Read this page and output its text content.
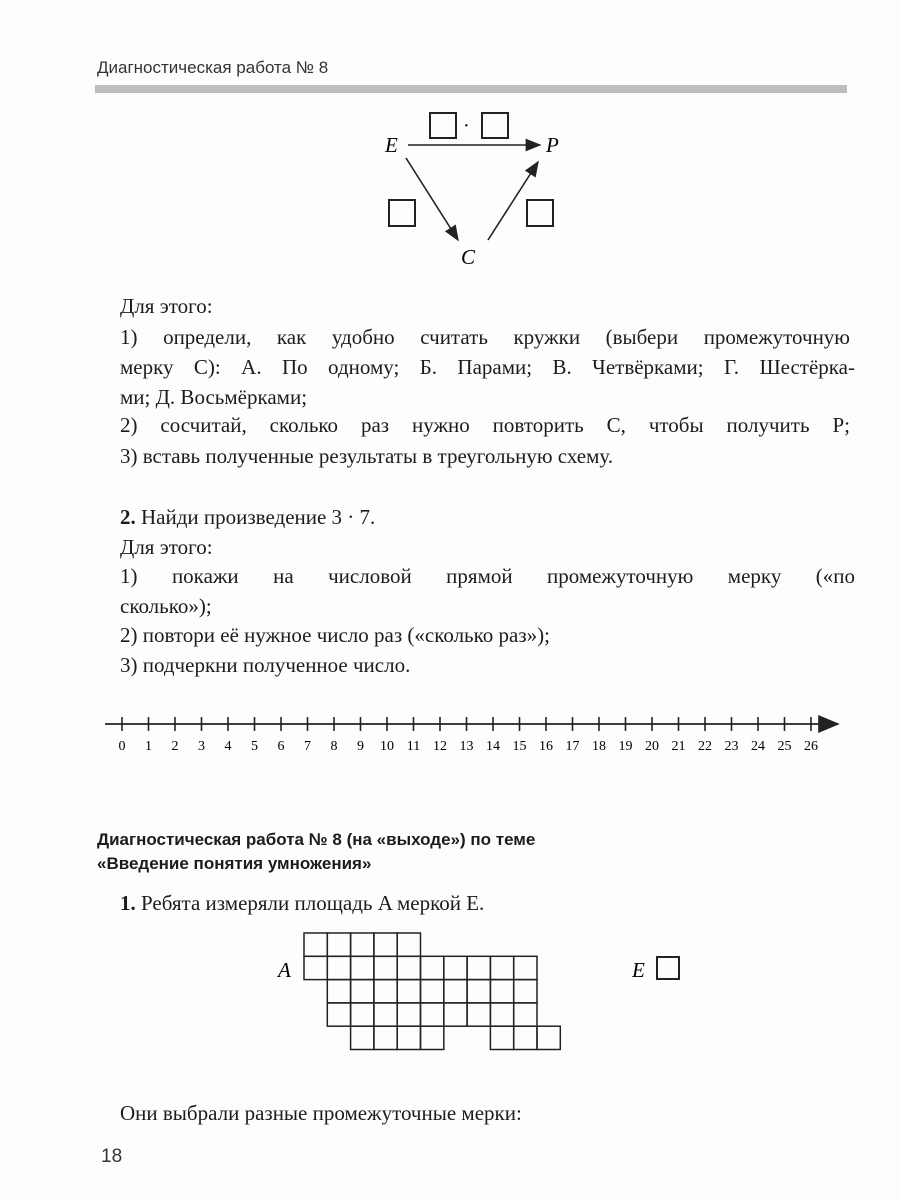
Диагностическая работа № 8
·
E	P
C
Для этого:
1) определи, как удобно считать кружки (выбери промежуточную
мерку C): А. По одному; Б. Парами; В. Четвёрками; Г. Шестёрка-
ми; Д. Восьмёрками;
2) сосчитай, сколько раз нужно повторить C, чтобы получить P;
3) вставь полученные результаты в треугольную схему.
2. Найди произведение 3 · 7.
Для этого:
1) покажи на числовой прямой промежуточную мерку («по
сколько»);
2) повтори её нужное число раз («сколько раз»);
3) подчеркни полученное число.
0 1 2 3 4 5 6 7 8 9 10 11 12 13 14 15 16 17 18 19 20 21 22 23 24 25 26
Диагностическая работа № 8 (на «выходе») по теме
«Введение понятия умножения»
1. Ребята измеряли площадь A меркой E.
A	E
Они выбрали разные промежуточные мерки:
18
